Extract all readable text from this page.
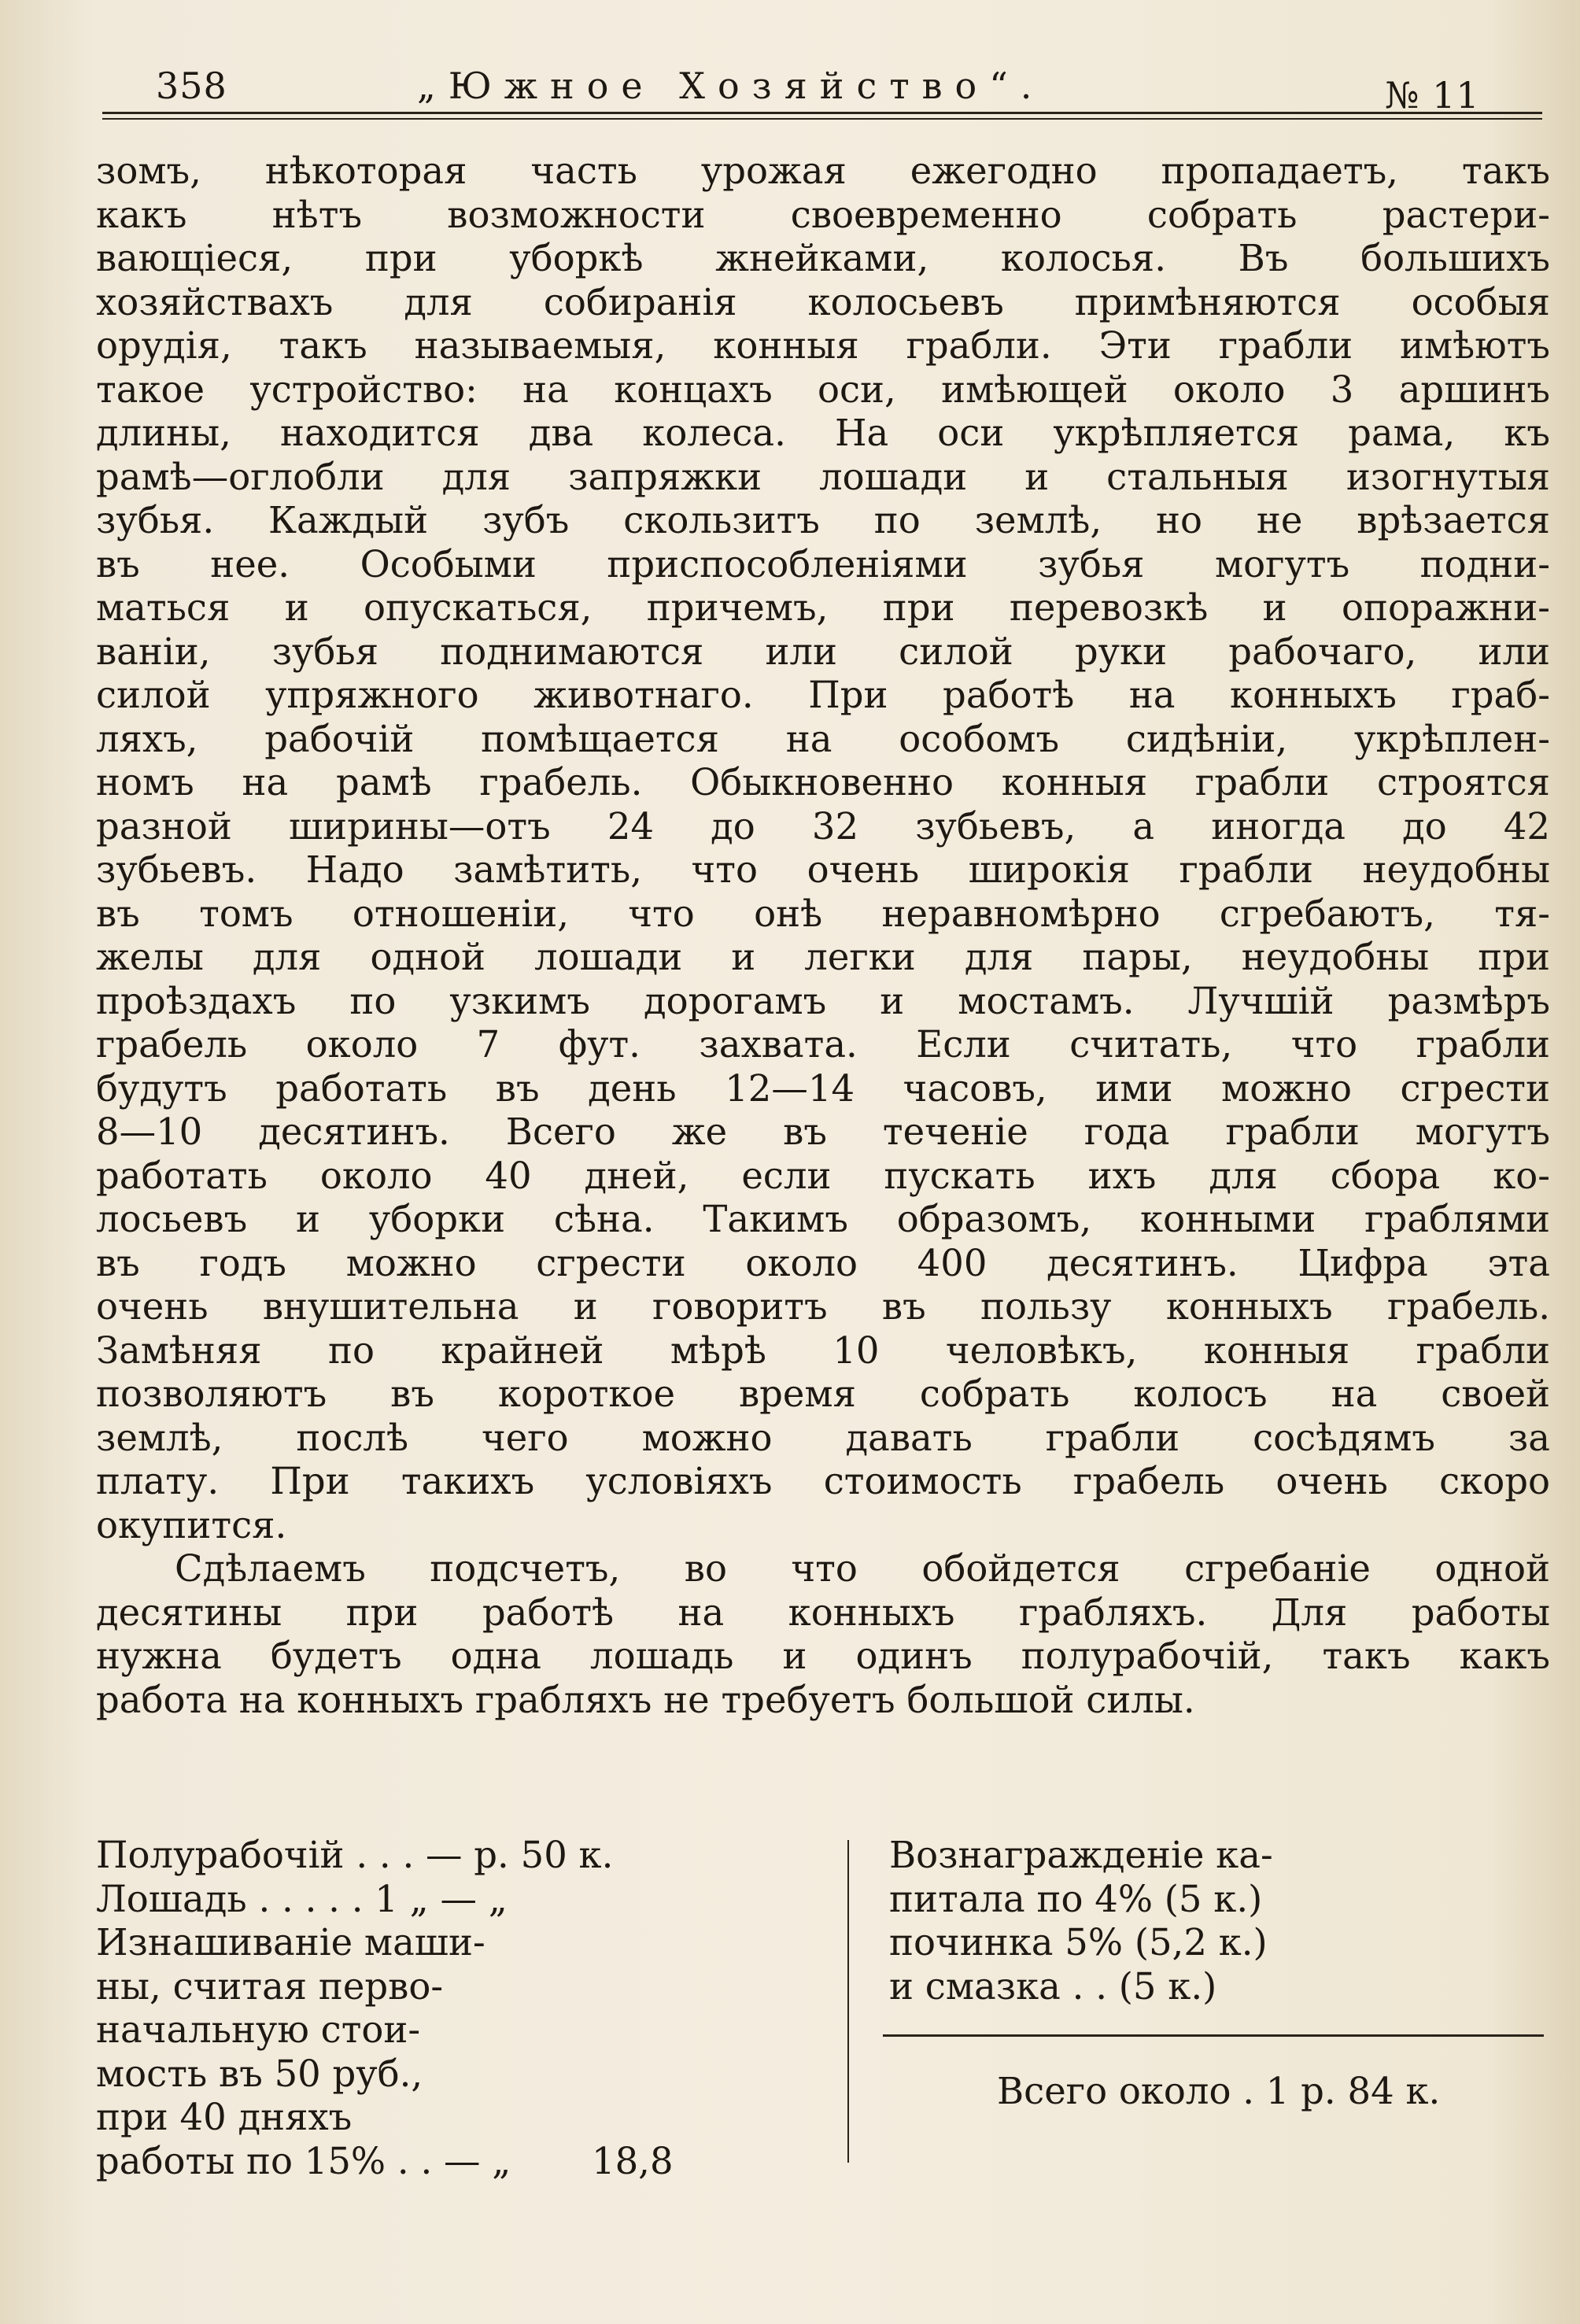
358	„Южное Хозяйство“.	№ 11
зомъ, нѣкоторая часть урожая ежегодно пропадаетъ, такъ
какъ нѣтъ возможности своевременно собрать растери-
вающіеся, при уборкѣ жнейками, колосья. Въ большихъ
хозяйствахъ для собиранія колосьевъ примѣняются особыя
орудія, такъ называемыя, конныя грабли. Эти грабли имѣютъ
такое устройство: на концахъ оси, имѣющей около 3 аршинъ
длины, находится два колеса. На оси укрѣпляется рама, къ
рамѣ—оглобли для запряжки лошади и стальныя изогнутыя
зубья. Каждый зубъ скользитъ по землѣ, но не врѣзается
въ нее. Особыми приспособленіями зубья могутъ подни-
маться и опускаться, причемъ, при перевозкѣ и опоражни-
ваніи, зубья поднимаются или силой руки рабочаго, или
силой упряжного животнаго. При работѣ на конныхъ граб-
ляхъ, рабочій помѣщается на особомъ сидѣніи, укрѣплен-
номъ на рамѣ грабель. Обыкновенно конныя грабли строятся
разной ширины—отъ 24 до 32 зубьевъ, а иногда до 42
зубьевъ. Надо замѣтить, что очень широкія грабли неудобны
въ томъ отношеніи, что онѣ неравномѣрно сгребаютъ, тя-
желы для одной лошади и легки для пары, неудобны при
проѣздахъ по узкимъ дорогамъ и мостамъ. Лучшій размѣръ
грабель около 7 фут. захвата. Если считать, что грабли
будутъ работать въ день 12—14 часовъ, ими можно сгрести
8—10 десятинъ. Всего же въ теченіе года грабли могутъ
работать около 40 дней, если пускать ихъ для сбора ко-
лосьевъ и уборки сѣна. Такимъ образомъ, конными граблями
въ годъ можно сгрести около 400 десятинъ. Цифра эта
очень внушительна и говоритъ въ пользу конныхъ грабель.
Замѣняя по крайней мѣрѣ 10 человѣкъ, конныя грабли
позволяютъ въ короткое время собрать колосъ на своей
землѣ, послѣ чего можно давать грабли сосѣдямъ за
плату. При такихъ условіяхъ стоимость грабель очень скоро
окупится.
Сдѣлаемъ подсчетъ, во что обойдется сгребаніе одной
десятины при работѣ на конныхъ грабляхъ. Для работы
нужна будетъ одна лошадь и одинъ полурабочій, такъ какъ
работа на конныхъ грабляхъ не требуетъ большой силы.
Полурабочій . . . — р. 50 к.
Лошадь . . . . . 1 „ — „
Изнашиваніе маши-
ны, считая перво-
начальную стои-
мость въ 50 руб.,
при 40 дняхъ
работы по 15% . . — „ 18,8
Вознагражденіе ка-
питала по 4% (5 к.)
починка 5% (5,2 к.)
и смазка . . (5 к.)
Всего около . 1 р. 84 к.
